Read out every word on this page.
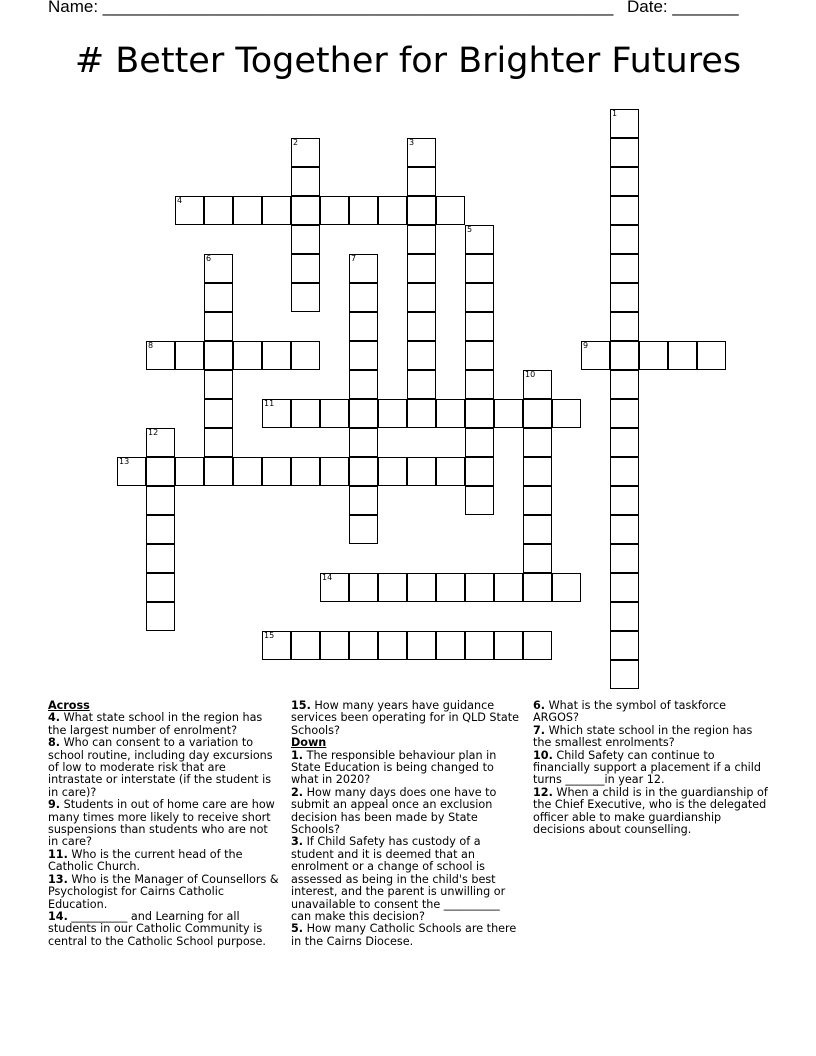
Name: ______________________________________________________ Date: _______
# Better Together for Brighter Futures
1
2	3
4
5
6	7
8	9
10
11
12
13
14
15

Across

4. What state school in the region has the largest number of enrolment?

8. Who can consent to a variation to school routine, including day excursions of low to moderate risk that are intrastate or interstate (if the student is in care)?

9. Students in out of home care are how many times more likely to receive short suspensions than students who are not in care?

11. Who is the current head of the Catholic Church.

13. Who is the Manager of Counsellors & Psychologist for Cairns Catholic Education.

14. __________ and Learning for all students in our Catholic Community is central to the Catholic School purpose.

15. How many years have guidance services been operating for in QLD State Schools?

Down

1. The responsible behaviour plan in State Education is being changed to what in 2020?

2. How many days does one have to submit an appeal once an exclusion decision has been made by State Schools?

3. If Child Safety has custody of a student and it is deemed that an enrolment or a change of school is assessed as being in the child's best interest, and the parent is unwilling or unavailable to consent the __________ can make this decision?

5. How many Catholic Schools are there in the Cairns Diocese.

6. What is the symbol of taskforce ARGOS?

7. Which state school in the region has the smallest enrolments?

10. Child Safety can continue to financially support a placement if a child turns _______in year 12.

12. When a child is in the guardianship of the Chief Executive, who is the delegated officer able to make guardianship decisions about counselling.
